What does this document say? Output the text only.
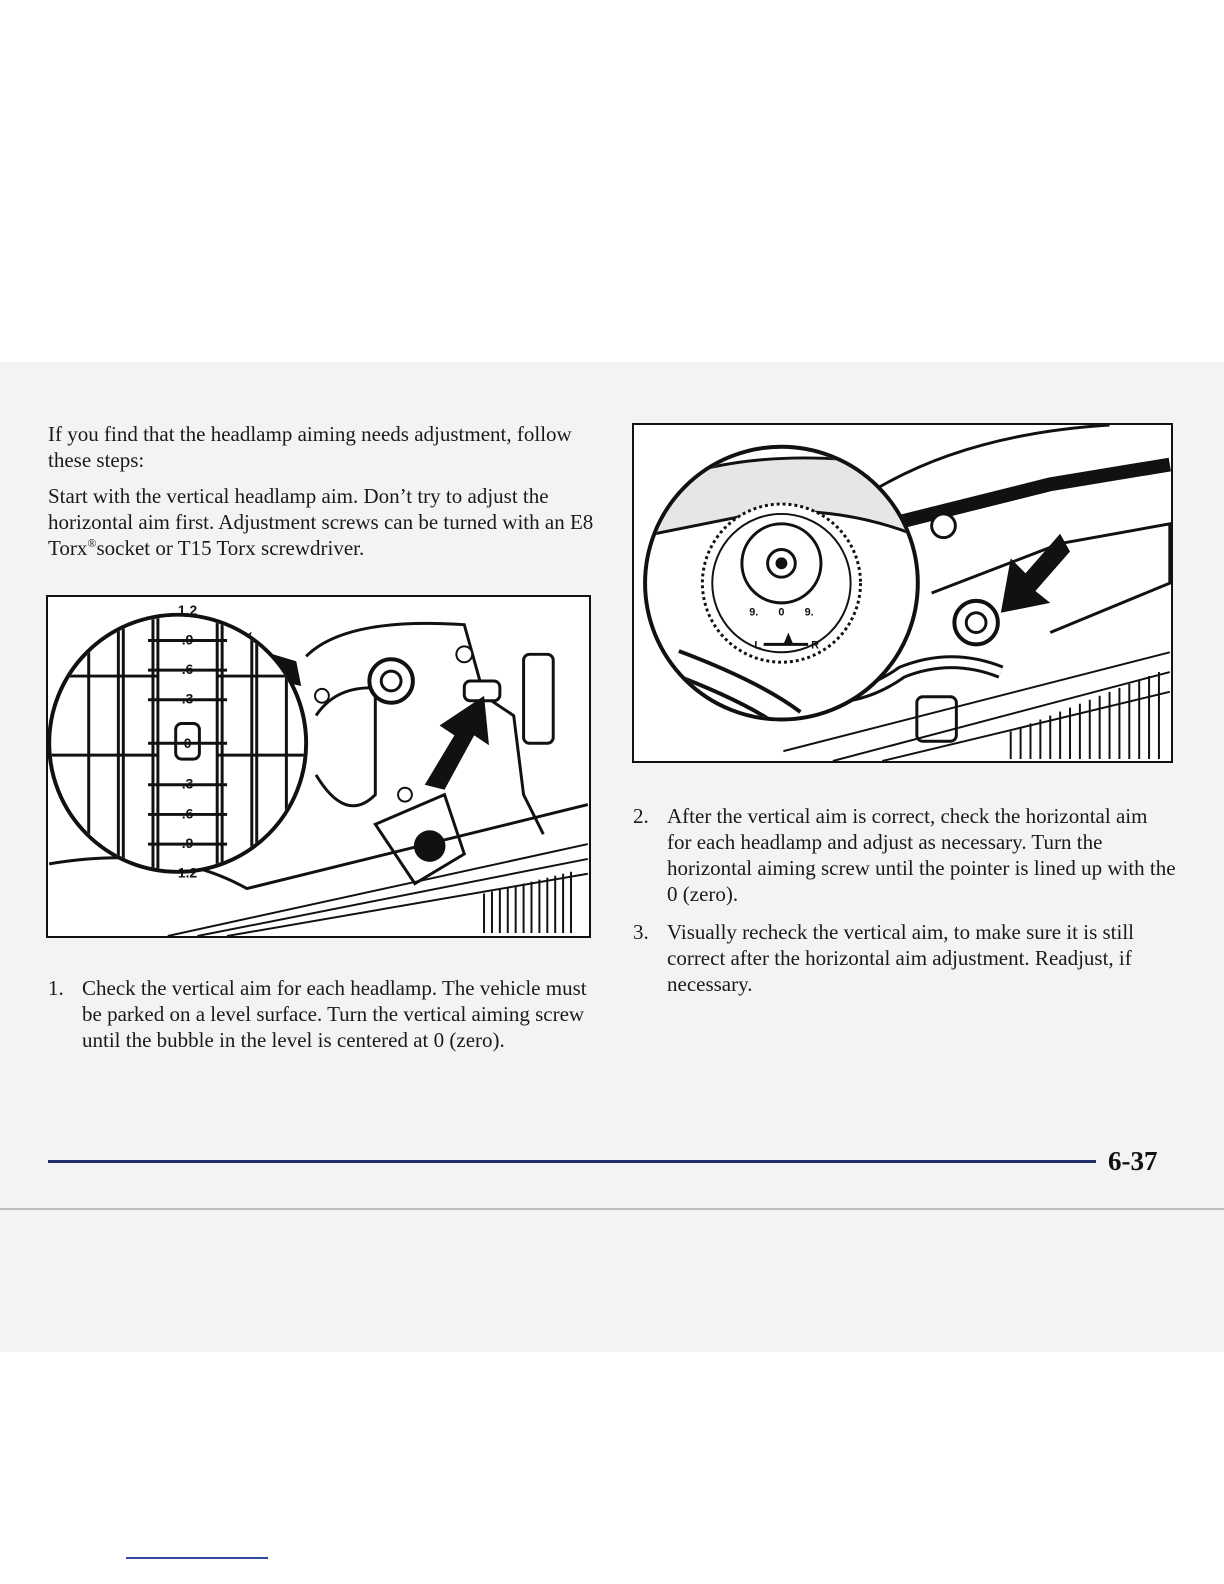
If you find that the headlamp aiming needs adjustment, follow these steps:

Start with the vertical headlamp aim. Don’t try to adjust the horizontal aim first. Adjustment screws can be turned with an E8 Torx®socket or T15 Torx screwdriver.

1.2
.9
.6
.3
0
.3
.6
.9
1.2
9. 0 9.
L	R
1. Check the vertical aim for each headlamp. The vehicle must be parked on a level surface. Turn the vertical aiming screw until the bubble in the level is centered at 0 (zero).
2. After the vertical aim is correct, check the horizontal aim for each headlamp and adjust as necessary. Turn the horizontal aiming screw until the pointer is lined up with the 0 (zero).
3. Visually recheck the vertical aim, to make sure it is still correct after the horizontal aim adjustment. Readjust, if necessary.
6-37
